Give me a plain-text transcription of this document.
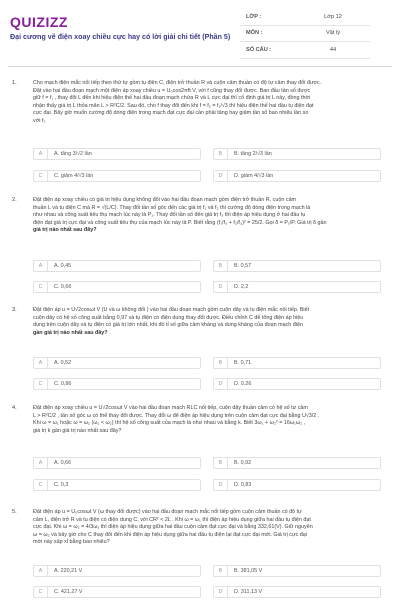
QUIZIZZ
Đại cương về điện xoay chiều cực hay có lời giải chi tiết (Phần 5)
LỚP :	Lớp 12
MÔN :	Vật lý
SỐ CÂU :	44
1.	Cho mạch điện mắc nối tiếp theo thứ tự gồm tụ điện C, điện trở thuần R và cuộn cảm thuần có độ tự cảm thay đổi được.
Đặt vào hai đầu đoạn mạch một điện áp xoay chiều u = U₀cos2πft V, với f cũng thay đổi được. Ban đầu tần số được
giữ f = f₁ , thay đổi L đến khi hiệu điện thế hai đầu đoạn mạch chứa R và L cực đại thì cố định giá trị L này, đồng thời
nhận thấy giá trị L thỏa mãn L > R²C/2. Sau đó, cho f thay đổi đến khi f = f₂ = f₁/√3 thì hiệu điện thế hai đầu tụ điện đạt
cực đại. Bây giờ muốn cường độ dòng điện trong mạch đạt cực đại cần phải tăng hay giảm tần số bao nhiêu lần so
với f₂
A	A. tăng 3/√2 lần	B	B. tăng 2/√3 lần
C	C. giảm 4/√3 lần	D	D. giảm 4/√3 lần
2.	Đặt điện áp xoay chiều có giá trị hiệu dụng không đổi vào hai đầu đoạn mạch gồm điện trở thuần R, cuộn cảm
thuần L và tụ điện C mà R = √(L/C). Thay đổi tần số góc đến các giá trị f₁ và f₂ thì cường độ dòng điện trong mạch là
như nhau và công suất tiêu thụ mạch lúc này là P₁. Thay đổi tần số đến giá trị f₃ thì điện áp hiệu dụng ở hai đầu tụ
điện đạt giá trị cực đại và công suất tiêu thụ của mạch lúc này là P. Biết rằng (f₁/f₃ + f₂/f₃)² = 25/2. Gọi δ = P₁/P. Giá trị δ gần
giá trị nào nhất sau đây?
A	A. 0,45	B	B. 0,57
C	C. 0,66	D	D. 2,2
3.	Đặt điện áp u = U√2cosωt V (U và ω không đổi ) vào hai đầu đoạn mạch gồm cuộn dây và tụ điện mắc nối tiếp. Biết
cuộn dây có hệ số công suất bằng 0,97 và tụ điện có điện dung thay đổi được. Điều chỉnh C để tổng điện áp hiệu
dụng trên cuộn dây và tụ điện có giá trị lớn nhất, khi đó tỉ số giữa cảm kháng và dung kháng của đoạn mạch điện
gần giá trị nào nhất sau đây?
A	A. 0,52	B	B. 0,71
C	C. 0,86	D	D. 0,26
4.	Đặt điện áp xoay chiều u = U√2cosωt V vào hai đầu đoạn mạch RLC nối tiếp, cuộn dây thuần cảm có hệ số tự cảm
L > R²C/2 , tần số góc ω có thể thay đổi được. Thay đổi ω để điện áp hiệu dụng trên cuộn cảm đạt cực đại bằng U√3/2 .
Khi ω = ω₁ hoặc ω = ω₂ (ω₁ < ω₂) thì hệ số công suất của mạch là như nhau và bằng k. Biết 3ω₁ + ω₂² = 16ω₁ω₂ ,
giá trị k gần giá trị nào nhất sau đây?
A	A. 0,66	B	B. 0,92
C	C. 0,3	D	D. 0,83
5.	Đặt điện áp u = U₀cosωt V (ω thay đổi được) vào hai đầu đoạn mạch mắc nối tiếp gồm cuộn cảm thuần có độ tự
cảm L, điện trở R và tụ điện có điện dung C, với CR² < 2L . Khi ω = ω₁ thì điện áp hiệu dụng giữa hai đầu tụ điện đạt
cực đại. Khi ω = ω₂ = 4/3ω₁ thì điện áp hiệu dụng giữa hai đầu cuộn cảm đạt cực đại và bằng 332,61(V). Giữ nguyên
ω = ω₂ và bây giờ cho C thay đổi đến khi điện áp hiệu dụng giữa hai đầu tụ điện lại đạt cực đại mới. Giá trị cực đại
mới này xấp xỉ bằng bao nhiêu?
A	A. 220,21 V	B	B. 381,05 V
C	C. 421,27 V	D	D. 311,13 V
